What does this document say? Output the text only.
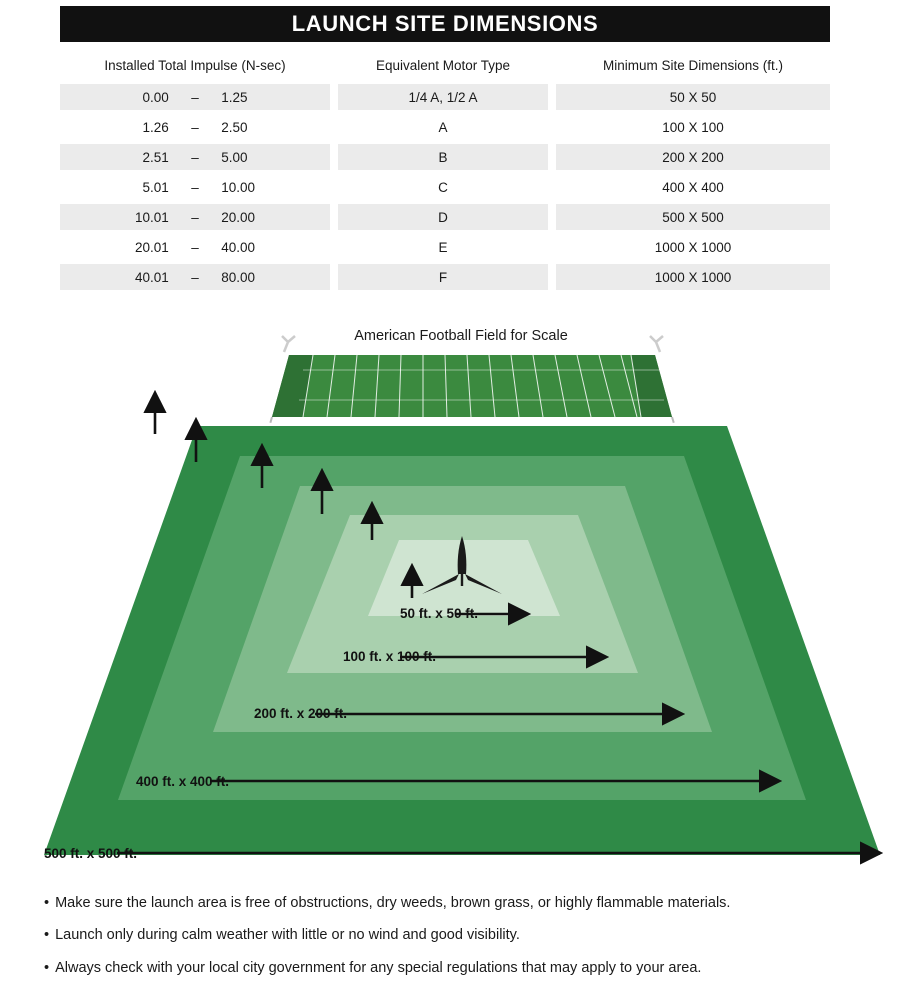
LAUNCH SITE DIMENSIONS
Installed Total Impulse (N-sec)	Equivalent Motor Type	Minimum Site Dimensions (ft.)
0.00	–	1.25	1/4 A, 1/2 A	50 X 50
1.26	–	2.50	A	100 X 100
2.51	–	5.00	B	200 X 200
5.01	–	10.00	C	400 X 400
10.01	–	20.00	D	500 X 500
20.01	–	40.00	E	1000 X 1000
40.01	–	80.00	F	1000 X 1000
American Football Field for Scale
50 ft. x 50 ft.
100 ft. x 100 ft.
200 ft. x 200 ft.
400 ft. x 400 ft.
500 ft. x 500 ft.
• Make sure the launch area is free of obstructions, dry weeds, brown grass, or highly flammable materials.
• Launch only during calm weather with little or no wind and good visibility.
• Always check with your local city government for any special regulations that may apply to your area.
